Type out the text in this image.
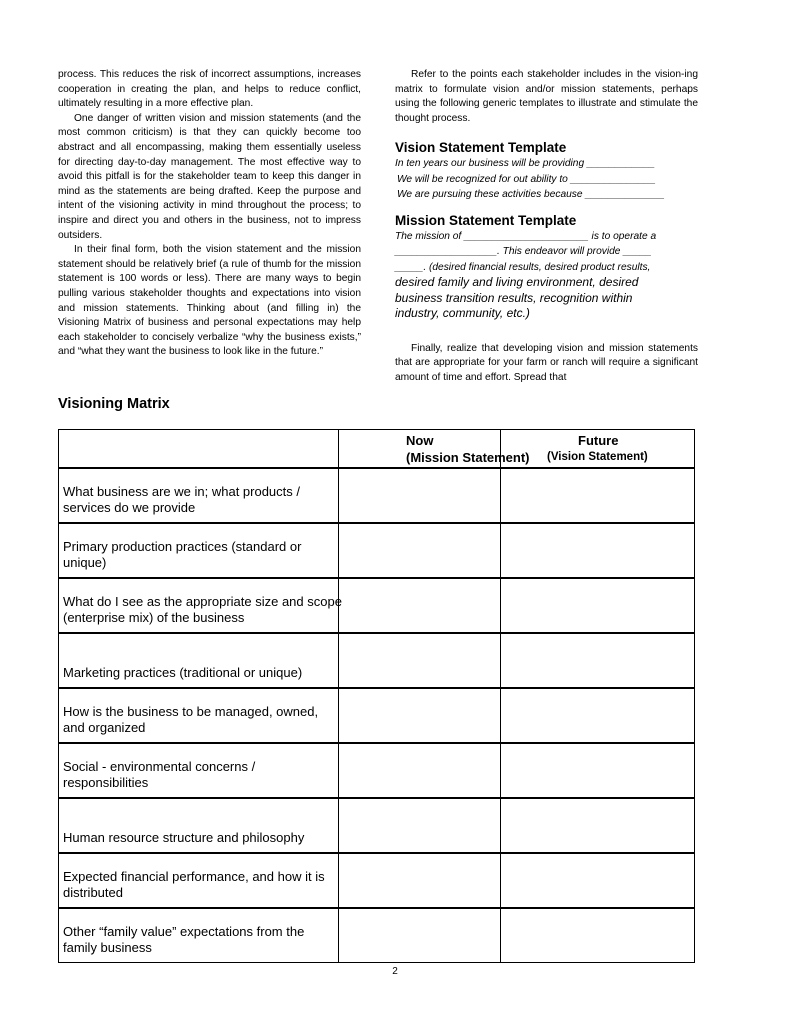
process. This reduces the risk of incorrect assumptions, increases cooperation in creating the plan, and helps to reduce conflict, ultimately resulting in a more effective plan.

One danger of written vision and mission statements (and the most common criticism) is that they can quickly become too abstract and all encompassing, making them essentially useless for directing day-to-day management. The most effective way to avoid this pitfall is for the stakeholder team to keep this danger in mind as the statements are being drafted. Keep the purpose and intent of the visioning activity in mind throughout the process; to inspire and direct you and others in the business, not to impress outsiders.

In their final form, both the vision statement and the mission statement should be relatively brief (a rule of thumb for the mission statement is 100 words or less). There are many ways to begin pulling various stakeholder thoughts and expectations into vision and mission statements. Thinking about (and filling in) the Visioning Matrix of business and personal expectations may help each stakeholder to concisely verbalize “why the business exists,” and “what they want the business to look like in the future.”

Refer to the points each stakeholder includes in the vision-ing matrix to formulate vision and/or mission statements, perhaps using the following generic templates to illustrate and stimulate the thought process.

Vision Statement Template

In ten years our business will be providing ____________

We will be recognized for out ability to _______________

We are pursuing these activities because ______________

Mission Statement Template

The mission of ______________________ is to operate a

__________________. This endeavor will provide _____

_____. (desired financial results, desired product results,

desired family and living environment, desired

business transition results, recognition within

industry, community, etc.)

Finally, realize that developing vision and mission statements that are appropriate for your farm or ranch will require a significant amount of time and effort. Spread that

Visioning Matrix
Now	Future
(Mission Statement) (Vision Statement)
What business are we in; what products /
services do we provide
Primary production practices (standard or
unique)
What do I see as the appropriate size and scope
(enterprise mix) of the business
Marketing practices (traditional or unique)
How is the business to be managed, owned,
and organized
Social - environmental concerns /
responsibilities
Human resource structure and philosophy
Expected financial performance, and how it is
distributed
Other “family value” expectations from the
family business
2
